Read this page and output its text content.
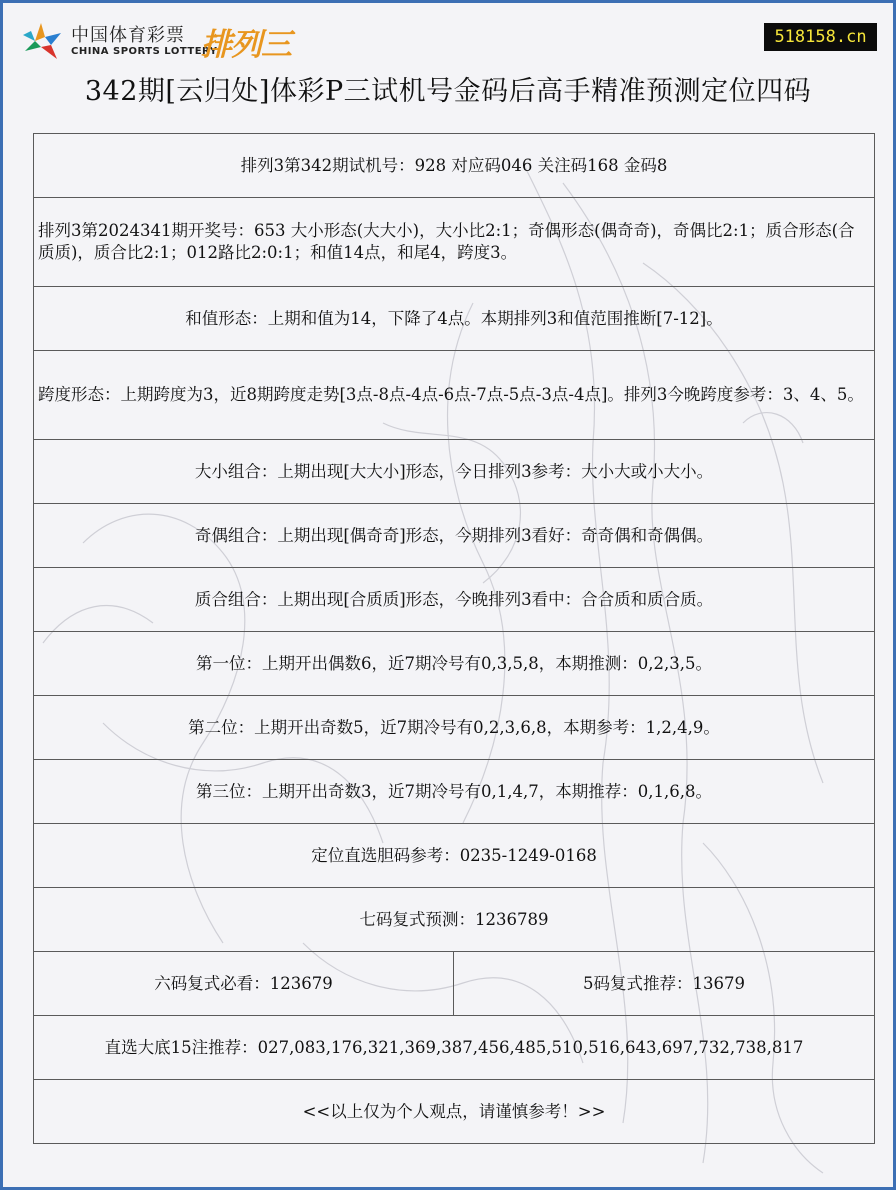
中国体育彩票
CHINA SPORTS LOTTERY
排列三	518158.cn
342期[云归处]体彩P三试机号金码后高手精准预测定位四码
排列3第342期试机号：928 对应码046 关注码168 金码8
排列3第2024341期开奖号：653 大小形态(大大小)，大小比2:1；奇偶形态(偶奇奇)，奇偶比2:1；质合形态(合质质)，质合比2:1；012路比2:0:1；和值14点，和尾4，跨度3。
和值形态：上期和值为14，下降了4点。本期排列3和值范围推断[7-12]。
跨度形态：上期跨度为3，近8期跨度走势[3点-8点-4点-6点-7点-5点-3点-4点]。排列3今晚跨度参考：3、4、5。
大小组合：上期出现[大大小]形态，今日排列3参考：大小大或小大小。
奇偶组合：上期出现[偶奇奇]形态，今期排列3看好：奇奇偶和奇偶偶。
质合组合：上期出现[合质质]形态，今晚排列3看中：合合质和质合质。
第一位：上期开出偶数6，近7期冷号有0,3,5,8，本期推测：0,2,3,5。
第二位：上期开出奇数5，近7期冷号有0,2,3,6,8，本期参考：1,2,4,9。
第三位：上期开出奇数3，近7期冷号有0,1,4,7，本期推荐：0,1,6,8。
定位直选胆码参考：0235-1249-0168
七码复式预测：1236789
六码复式必看：123679	5码复式推荐：13679
直选大底15注推荐：027,083,176,321,369,387,456,485,510,516,643,697,732,738,817
<<以上仅为个人观点，请谨慎参考！>>
